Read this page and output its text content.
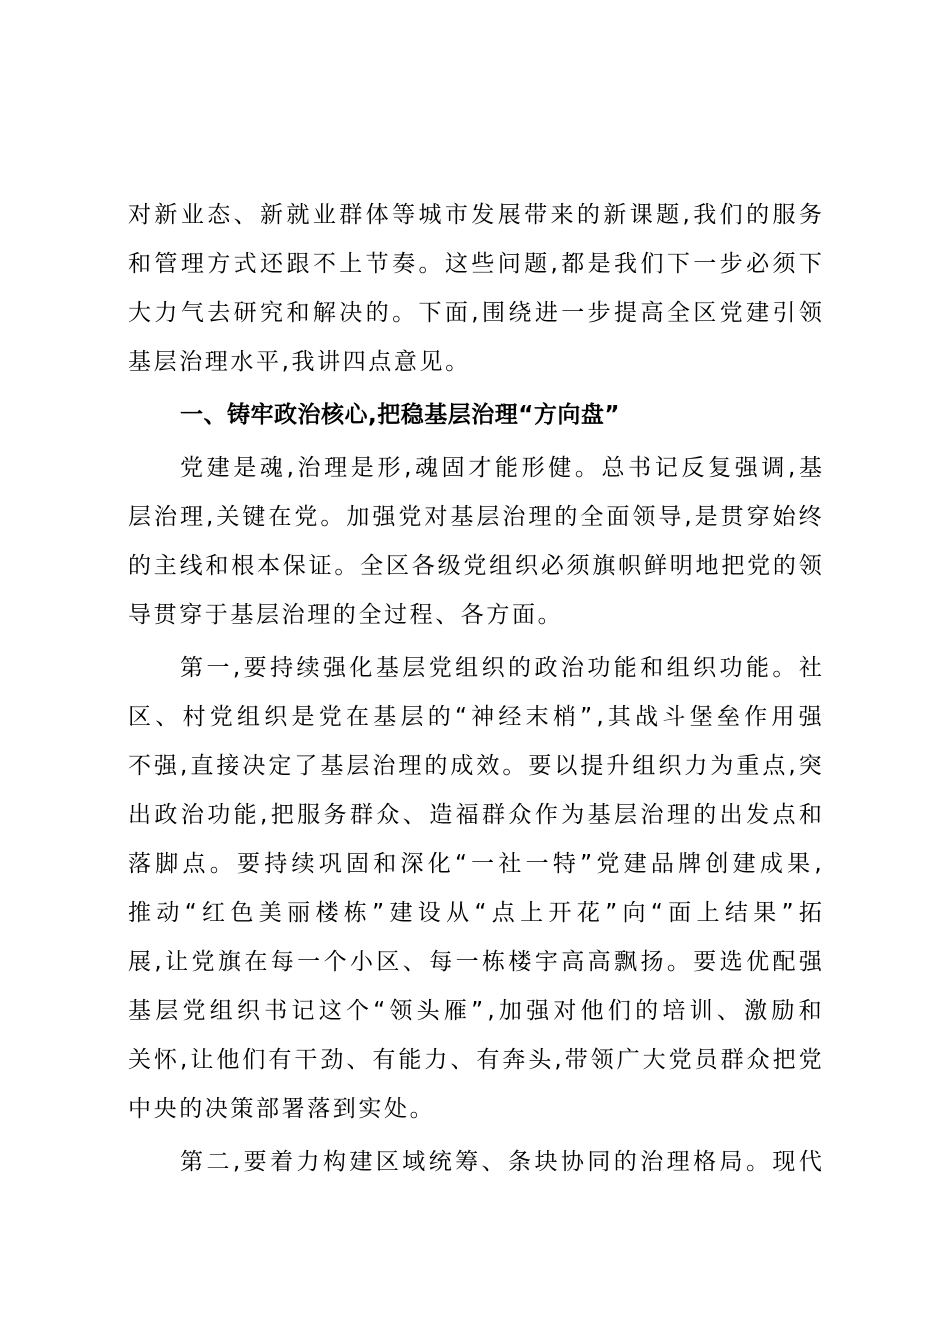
对 新 业 态 、 新 就 业 群 体 等 城 市 发 展 带 来 的 新 课 题 , 我 们 的 服 务
和 管 理 方 式 还 跟 不 上 节 奏 。 这 些 问 题 , 都 是 我 们 下 一 步 必 须 下
大 力 气 去 研 究 和 解 决 的 。 下 面 , 围 绕 进 一 步 提 高 全 区 党 建 引 领
基层治理水平,我讲四点意见。
一、铸牢政治核心,把稳基层治理“方向盘”
党 建 是 魂 , 治 理 是 形 , 魂 固 才 能 形 健 。 总 书 记 反 复 强 调 , 基
层 治 理 , 关 键 在 党 。 加 强 党 对 基 层 治 理 的 全 面 领 导 , 是 贯 穿 始 终
的 主 线 和 根 本 保 证 。 全 区 各 级 党 组 织 必 须 旗 帜 鲜 明 地 把 党 的 领
导贯穿于基层治理的全过程、各方面。
第 一 , 要 持 续 强 化 基 层 党 组 织 的 政 治 功 能 和 组 织 功 能 。 社
区 、 村 党 组 织 是 党 在 基 层 的 “ 神 经 末 梢 ” , 其 战 斗 堡 垒 作 用 强
不 强 , 直 接 决 定 了 基 层 治 理 的 成 效 。 要 以 提 升 组 织 力 为 重 点 , 突
出 政 治 功 能 , 把 服 务 群 众 、 造 福 群 众 作 为 基 层 治 理 的 出 发 点 和
落 脚 点 。 要 持 续 巩 固 和 深 化 “ 一 社 一 特 ” 党 建 品 牌 创 建 成 果 ,
推 动 “ 红 色 美 丽 楼 栋 ” 建 设 从 “ 点 上 开 花 ” 向 “ 面 上 结 果 ” 拓
展 , 让 党 旗 在 每 一 个 小 区 、 每 一 栋 楼 宇 高 高 飘 扬 。 要 选 优 配 强
基 层 党 组 织 书 记 这 个 “ 领 头 雁 ” , 加 强 对 他 们 的 培 训 、 激 励 和
关 怀 , 让 他 们 有 干 劲 、 有 能 力 、 有 奔 头 , 带 领 广 大 党 员 群 众 把 党
中央的决策部署落到实处。
第 二 , 要 着 力 构 建 区 域 统 筹 、 条 块 协 同 的 治 理 格 局 。 现 代
